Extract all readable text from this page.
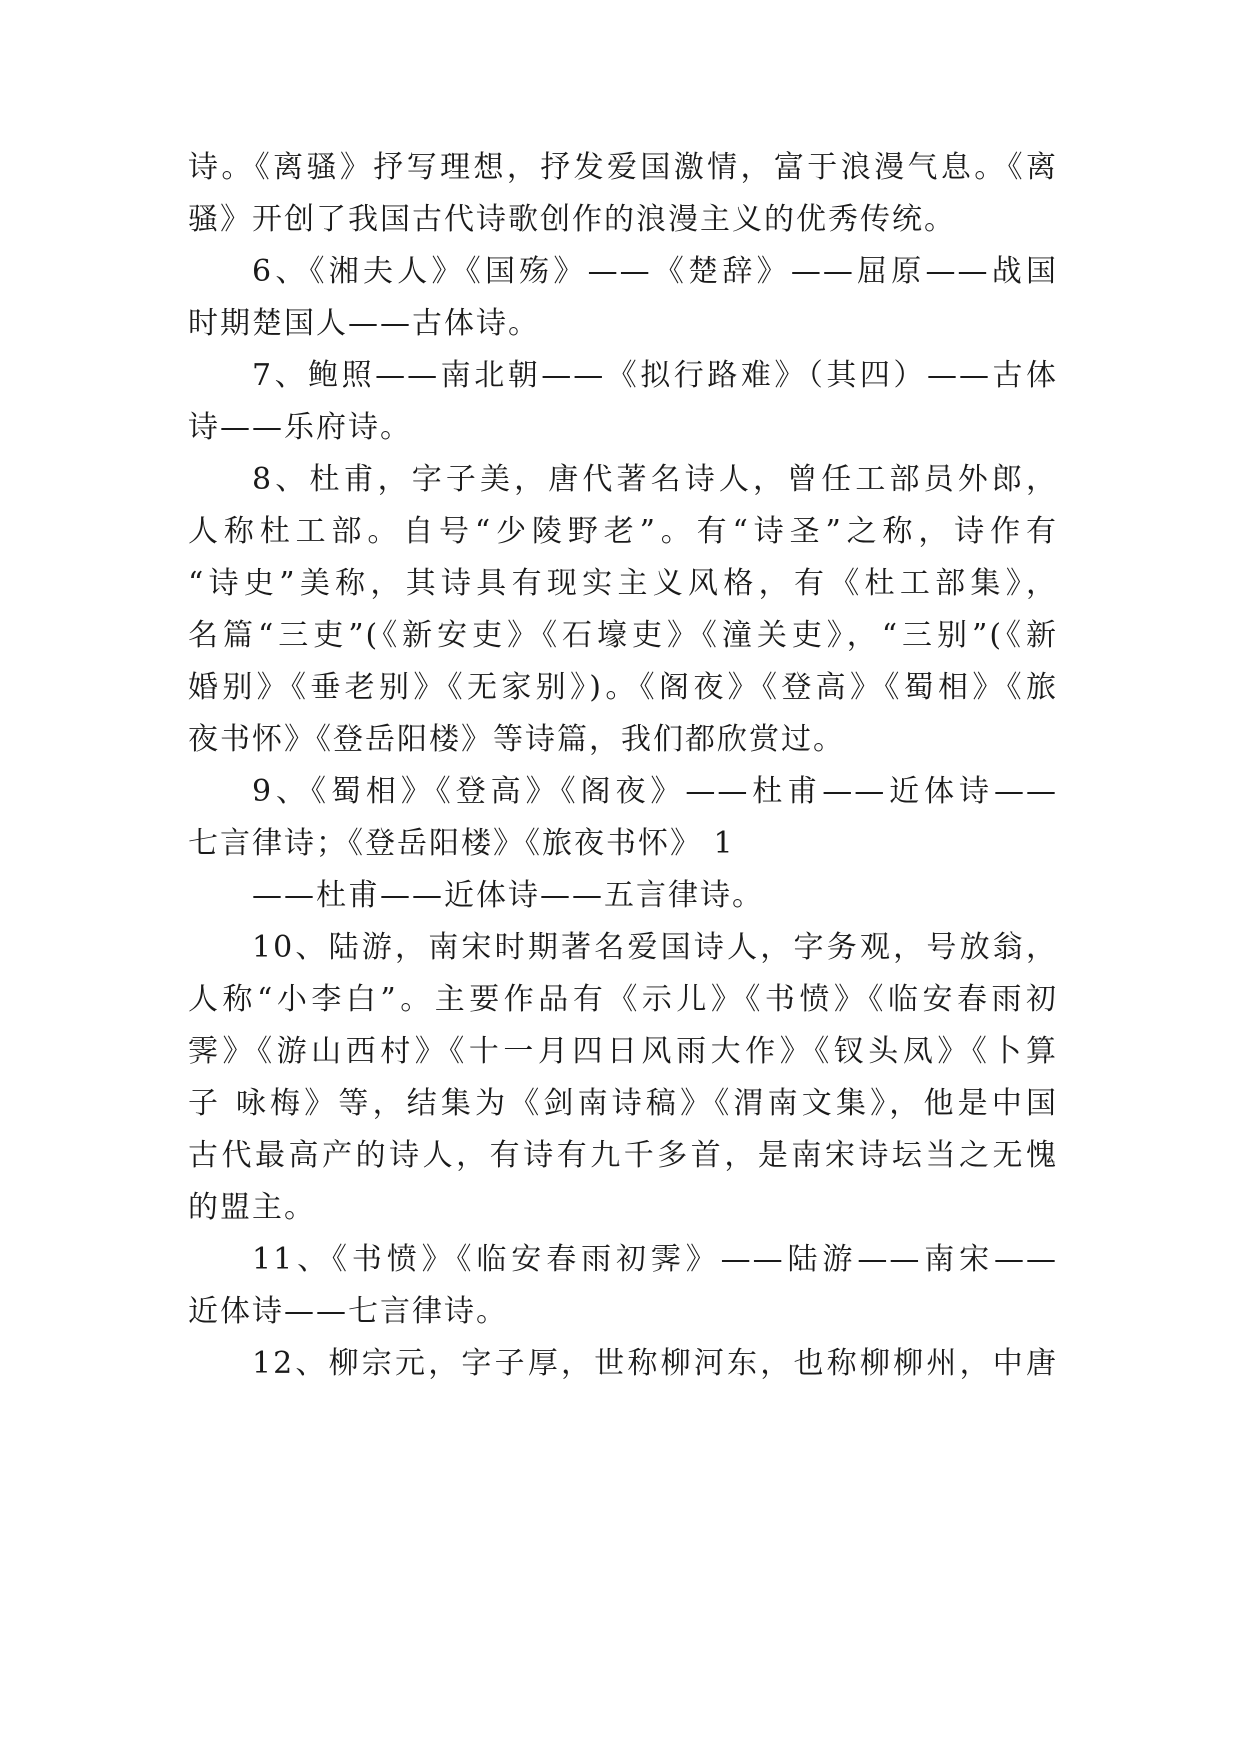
诗。《离骚》抒写理想，抒发爱国激情，富于浪漫气息。《离
骚》开创了我国古代诗歌创作的浪漫主义的优秀传统。
6、《湘夫人》《国殇》——《楚辞》——屈原——战国
时期楚国人——古体诗。
7、鲍照——南北朝——《拟行路难》（其四）——古体
诗——乐府诗。
8、杜甫，字子美，唐代著名诗人，曾任工部员外郎，
人称杜工部。自号“少陵野老”。有“诗圣”之称，诗作有
“诗史”美称，其诗具有现实主义风格，有《杜工部集》，
名篇“三吏”(《新安吏》《石壕吏》《潼关吏》，“三别”(《新
婚别》《垂老别》《无家别》)。《阁夜》《登高》《蜀相》《旅
夜书怀》《登岳阳楼》等诗篇，我们都欣赏过。
9、《蜀相》《登高》《阁夜》——杜甫——近体诗——
七言律诗；《登岳阳楼》《旅夜书怀》 1
——杜甫——近体诗——五言律诗。
10、陆游，南宋时期著名爱国诗人，字务观，号放翁，
人称“小李白”。主要作品有《示儿》《书愤》《临安春雨初
霁》《游山西村》《十一月四日风雨大作》《钗头凤》《卜算
子 咏梅》等，结集为《剑南诗稿》《渭南文集》，他是中国
古代最高产的诗人，有诗有九千多首，是南宋诗坛当之无愧
的盟主。
11、《书愤》《临安春雨初霁》——陆游——南宋——
近体诗——七言律诗。
12、柳宗元，字子厚，世称柳河东，也称柳柳州，中唐
